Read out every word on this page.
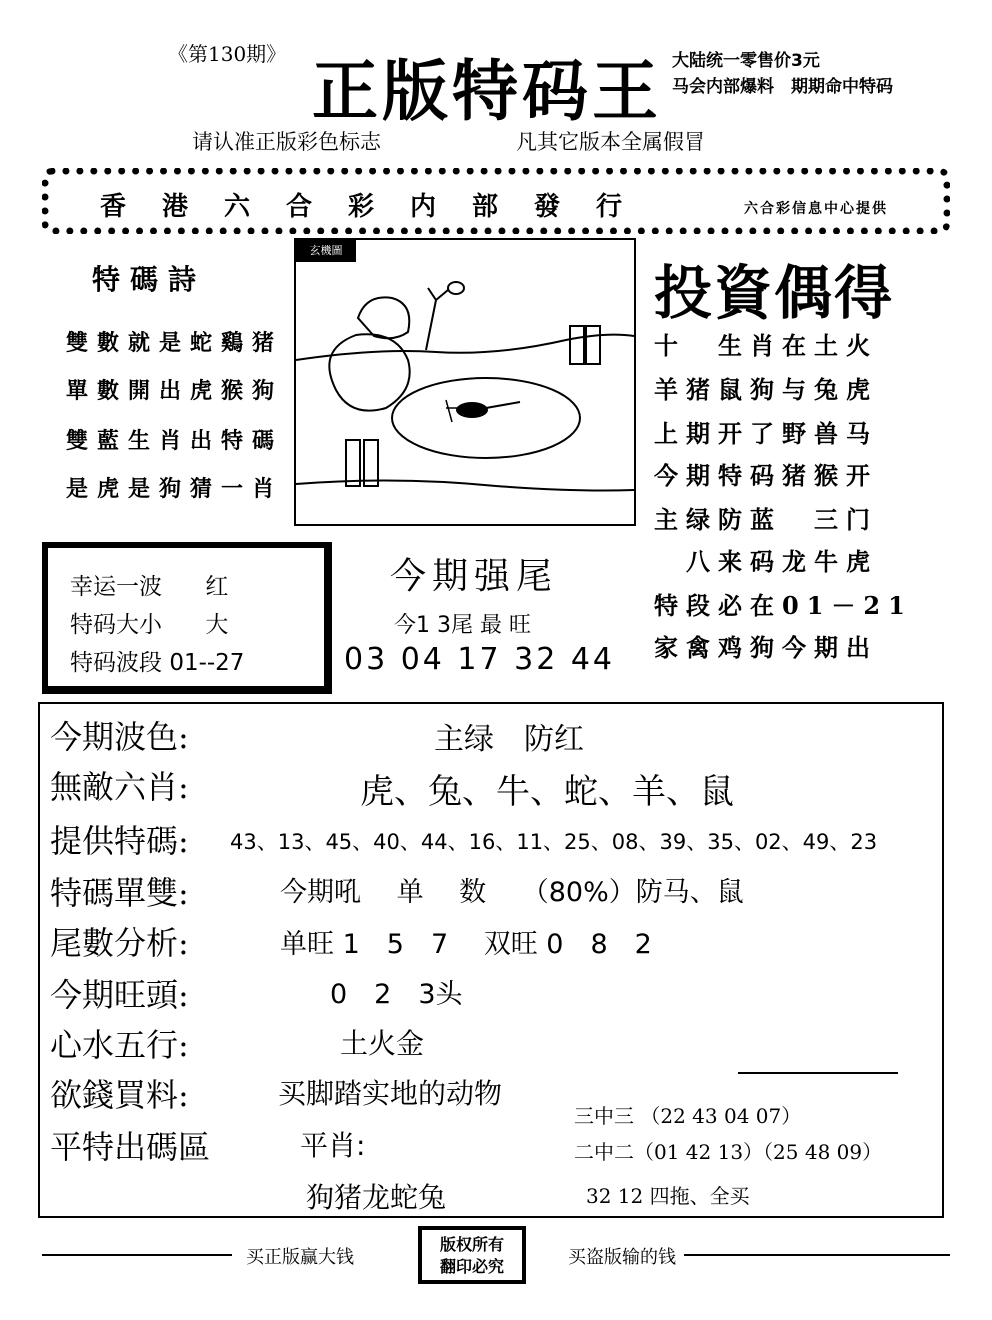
《第130期》 正版特码王 大陆统一零售价3元
马会内部爆料　期期命中特码
请认准正版彩色标志	凡其它版本全属假冒
香港六合彩内部發行	六合彩信息中心提供
特碼詩
雙數就是蛇鷄猪
單數開出虎猴狗
雙藍生肖出特碼
是虎是狗猜一肖
玄機圖
投資偶得
十　生肖在土火
羊猪鼠狗与兔虎
上期开了野兽马
今期特码猪猴开
主绿防蓝　三门
　八来码龙牛虎
特段必在01－21
家禽鸡狗今期出
幸运一波 红
特码大小 大
特码波段 01--27
今期强尾
今1 3尾 最 旺
03 04 17 32 44
今期波色:	主绿　防红
無敵六肖:	虎、兔、牛、蛇、羊、鼠
提供特碼: 43、13、45、40、44、16、11、25、08、39、35、02、49、23
特碼單雙:	今期吼　 单　 数　 （80%）防马、鼠
尾數分析:	单旺 1　5　7　 双旺 0　8　2
今期旺頭:	0　2　3头
心水五行:	土火金
欲錢買料:	买脚踏实地的动物
平特出碼區	平肖:
狗猪龙蛇兔
三中三 （22 43 04 07）
二中二（01 42 13）（25 48 09）
32 12 四拖、全买
买正版赢大钱
版权所有
翻印必究	买盗版输的钱
